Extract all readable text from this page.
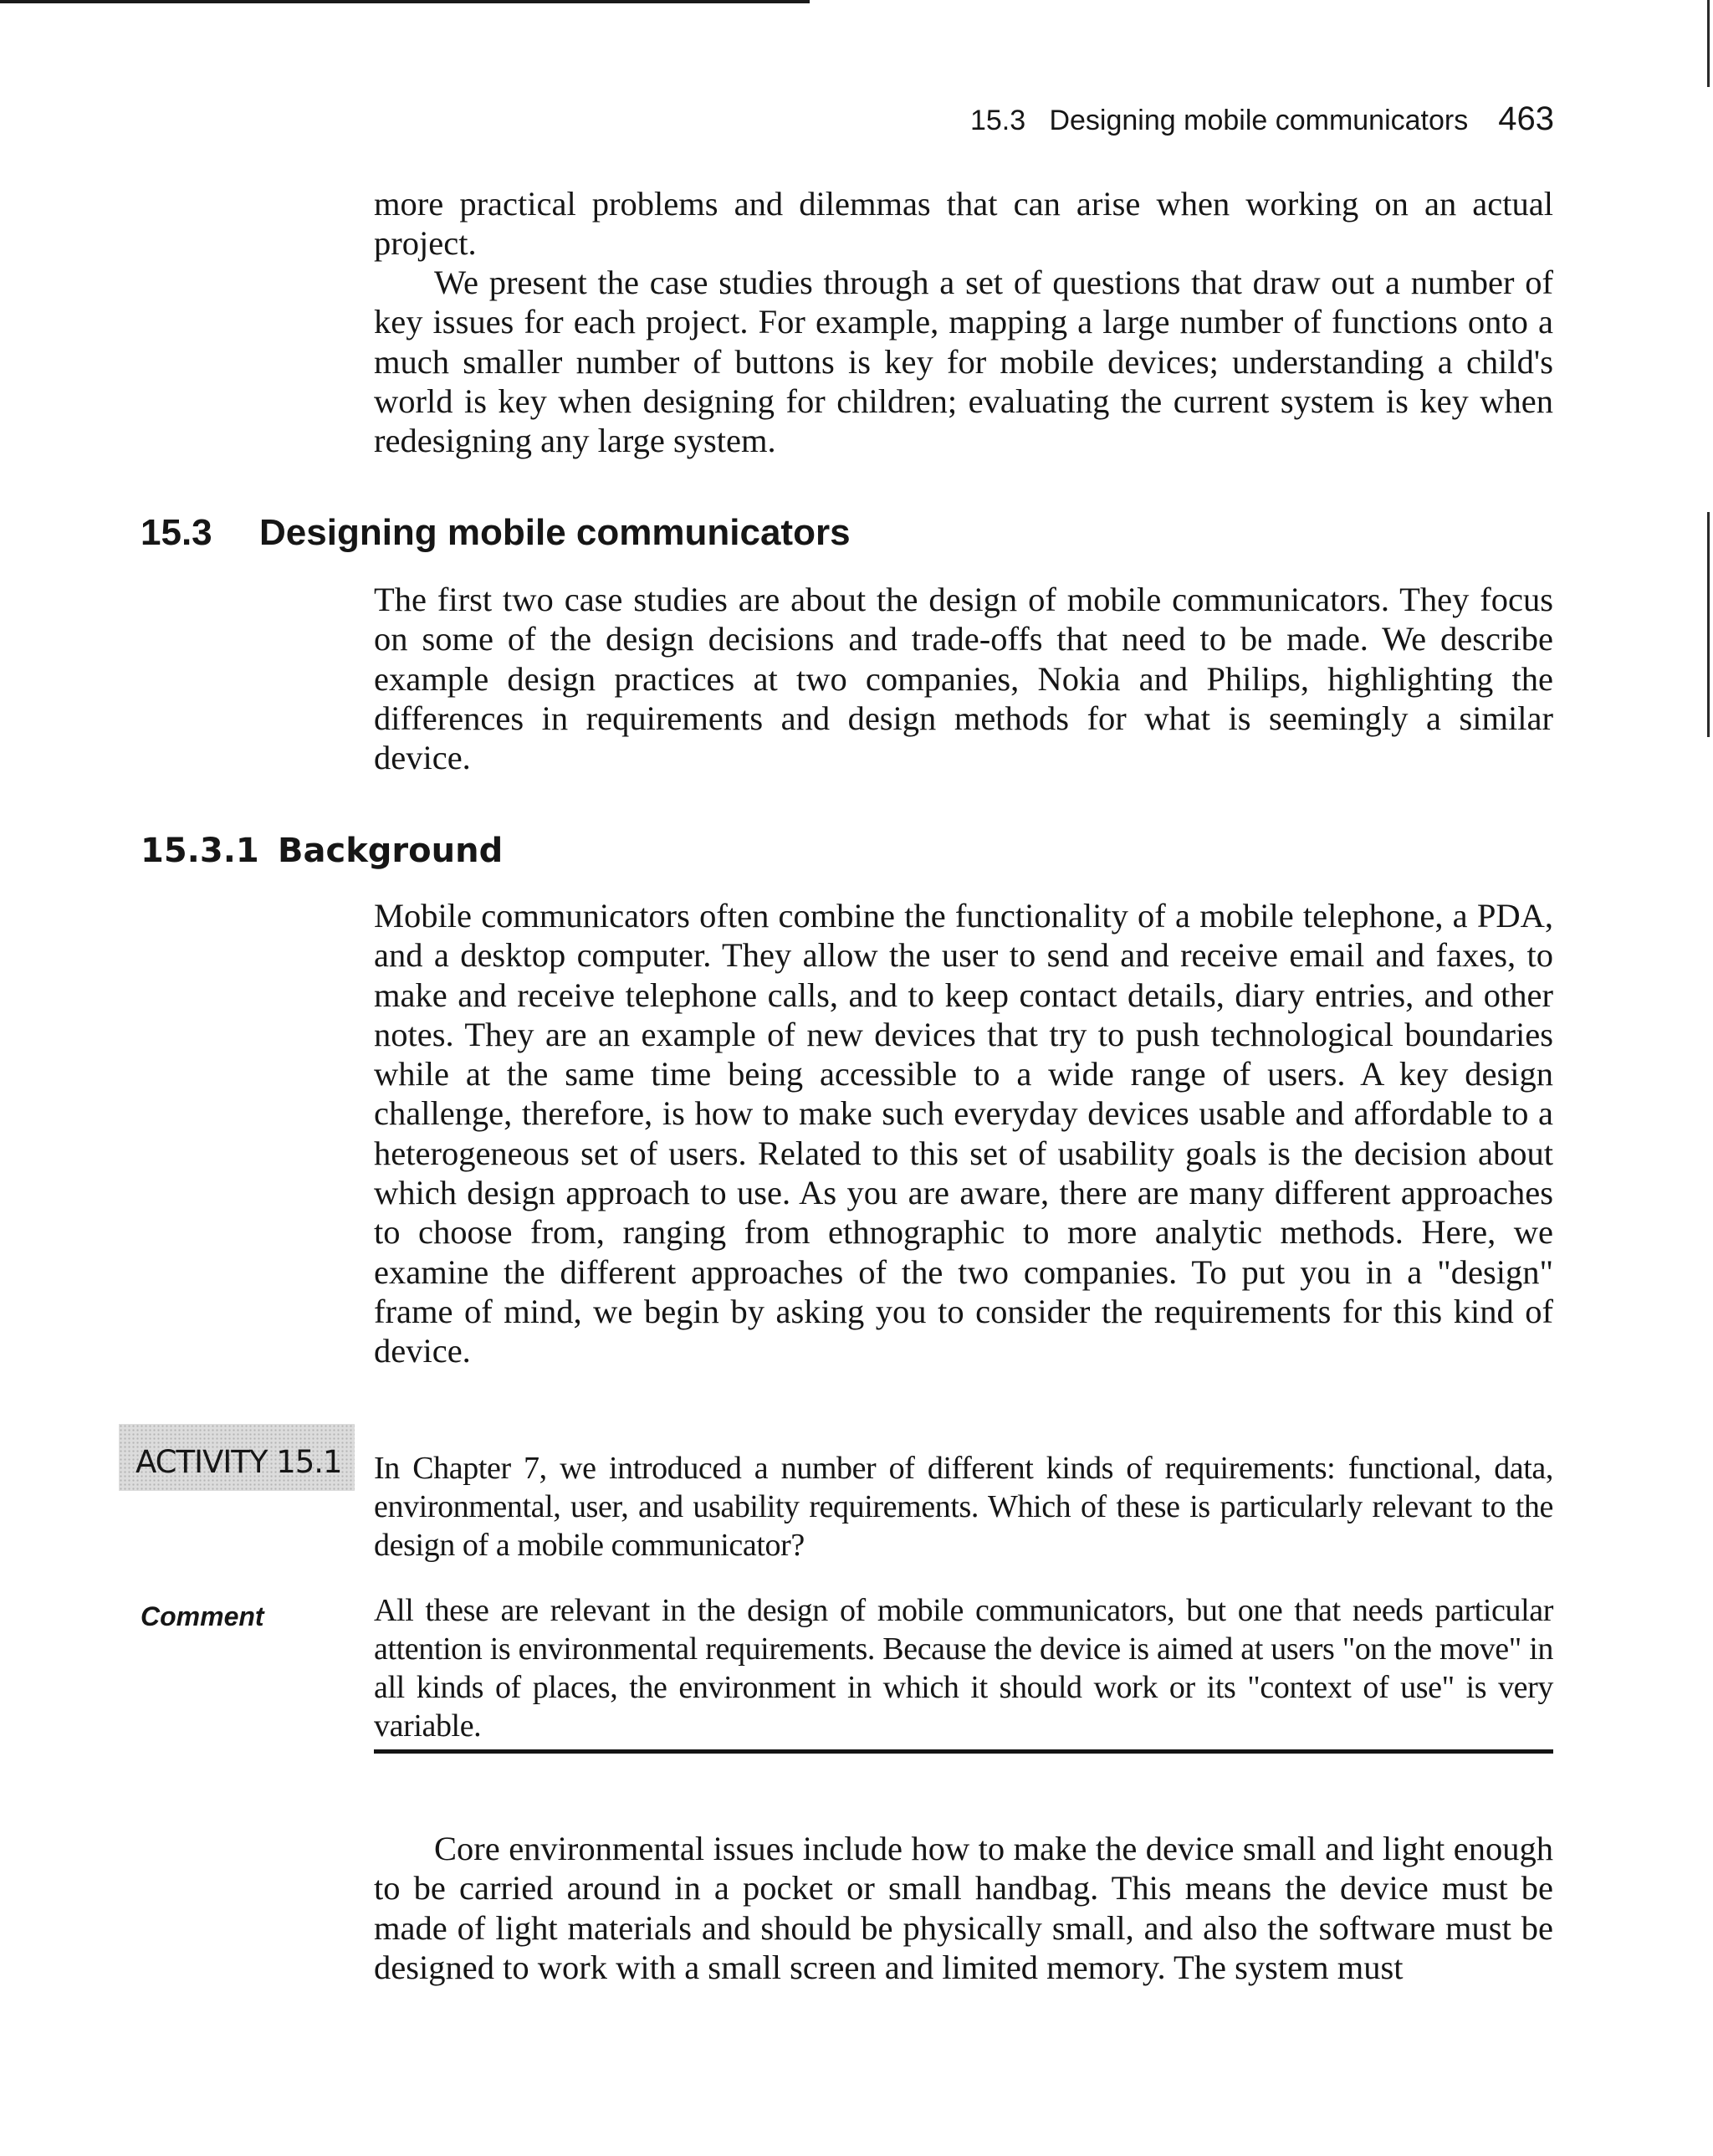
15.3   Designing mobile communicators 463

more practical problems and dilemmas that can arise when working on an actual project.

We present the case studies through a set of questions that draw out a number of key issues for each project. For example, mapping a large number of functions onto a much smaller number of buttons is key for mobile devices; understanding a child's world is key when designing for children; evaluating the current system is key when redesigning any large system.

15.3 Designing mobile communicators

The first two case studies are about the design of mobile communicators. They focus on some of the design decisions and trade-offs that need to be made. We describe example design practices at two companies, Nokia and Philips, highlighting the differences in requirements and design methods for what is seemingly a similar device.

15.3.1 Background

Mobile communicators often combine the functionality of a mobile telephone, a PDA, and a desktop computer. They allow the user to send and receive email and faxes, to make and receive telephone calls, and to keep contact details, diary entries, and other notes. They are an example of new devices that try to push technological boundaries while at the same time being accessible to a wide range of users. A key design challenge, therefore, is how to make such everyday devices usable and affordable to a heterogeneous set of users. Related to this set of usability goals is the decision about which design approach to use. As you are aware, there are many different approaches to choose from, ranging from ethnographic to more analytic methods. Here, we examine the different approaches of the two companies. To put you in a "design" frame of mind, we begin by asking you to consider the requirements for this kind of device.

ACTIVITY 15.1	In Chapter 7, we introduced a number of different kinds of requirements: functional, data, environmental, user, and usability requirements. Which of these is particularly relevant to the design of a mobile communicator?

Comment	All these are relevant in the design of mobile communicators, but one that needs particular attention is environmental requirements. Because the device is aimed at users "on the move" in all kinds of places, the environment in which it should work or its "context of use" is very variable.

Core environmental issues include how to make the device small and light enough to be carried around in a pocket or small handbag. This means the device must be made of light materials and should be physically small, and also the software must be designed to work with a small screen and limited memory. The system must
